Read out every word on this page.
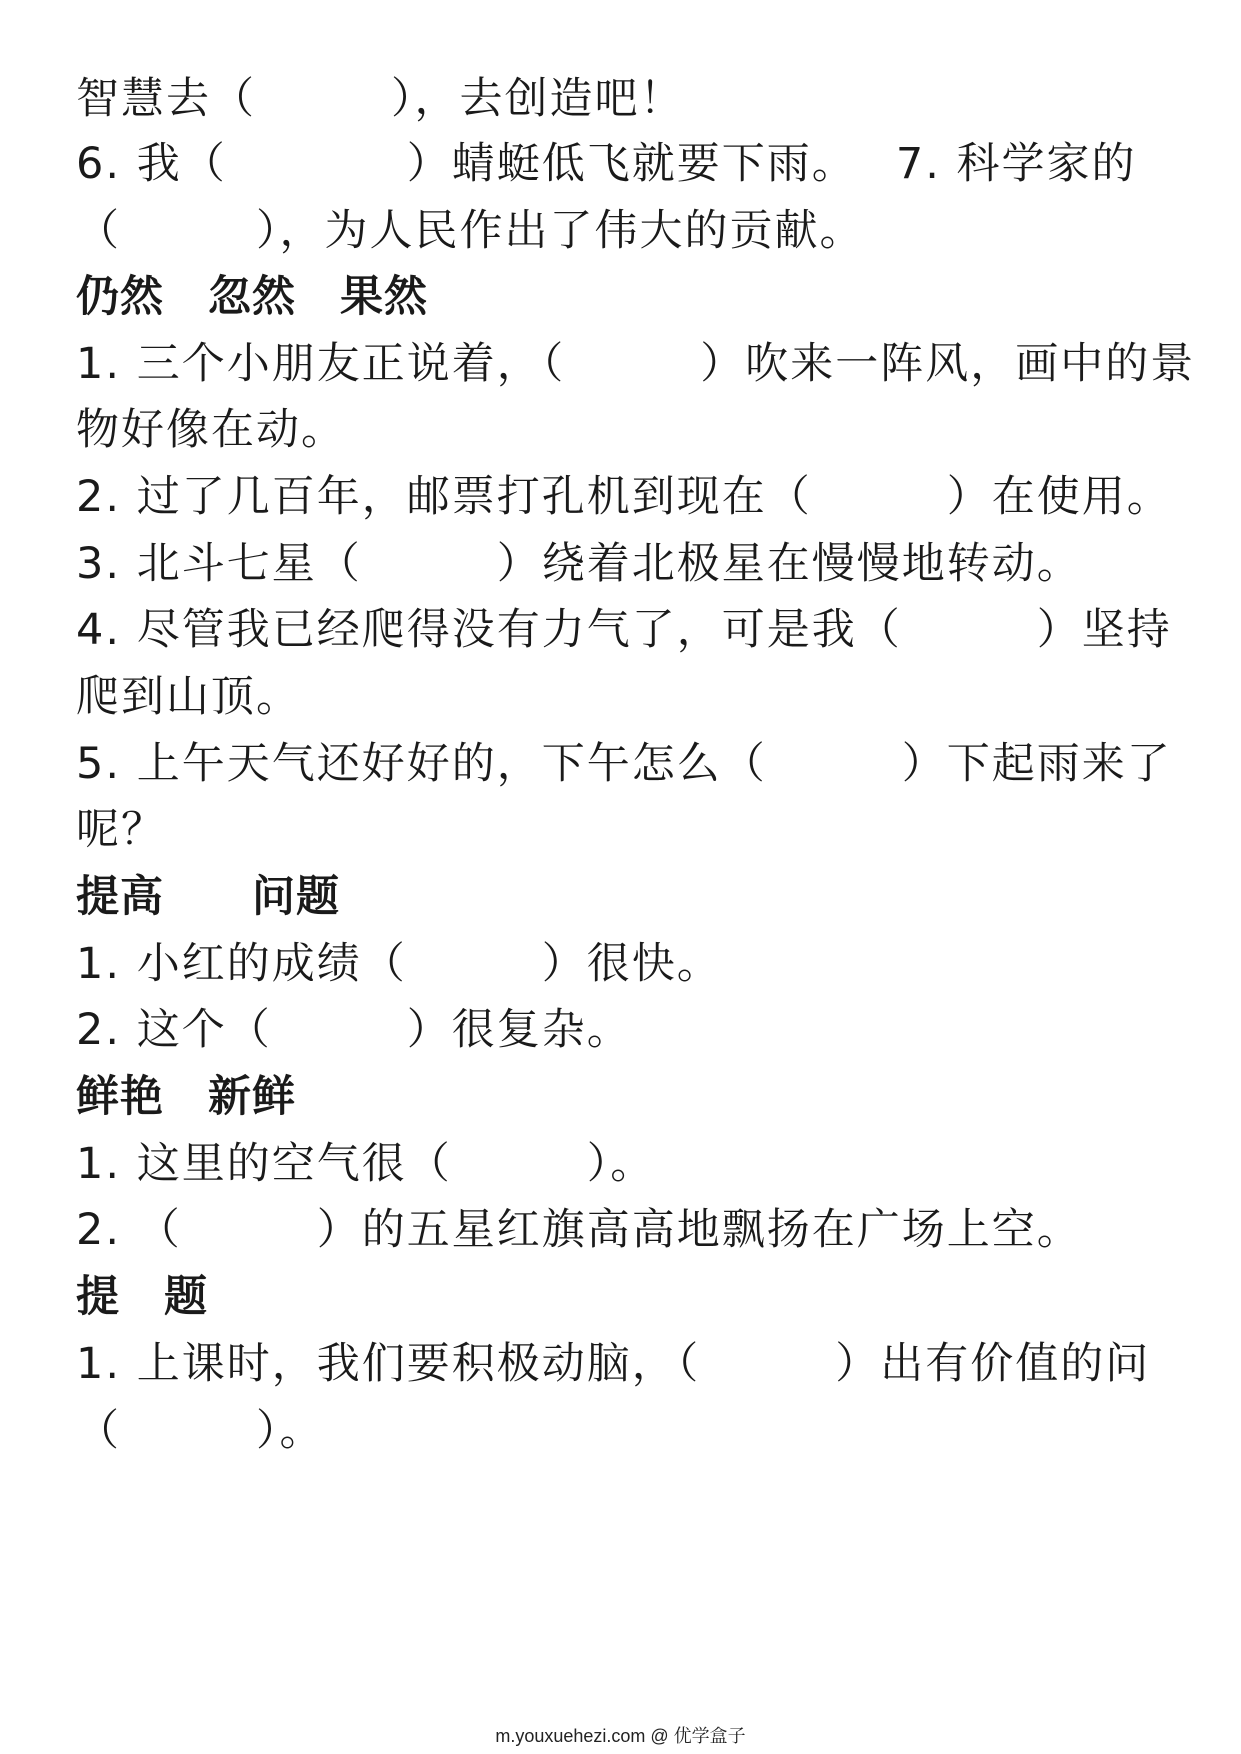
智慧去（　　　），去创造吧！
6. 我（　　　　）蜻蜓低飞就要下雨。　 7. 科学家的
（　　　），为人民作出了伟大的贡献。
仍然　忽然　果然
1. 三个小朋友正说着，（　　　）吹来一阵风，画中的景
物好像在动。
2. 过了几百年，邮票打孔机到现在（　　　）在使用。
3. 北斗七星（　　　）绕着北极星在慢慢地转动。
4. 尽管我已经爬得没有力气了，可是我（　　　）坚持
爬到山顶。
5. 上午天气还好好的，下午怎么（　　　）下起雨来了
呢？
提高　　问题
1. 小红的成绩（　　　）很快。
2. 这个（　　　）很复杂。
鲜艳　新鲜
1. 这里的空气很（　　　）。
2. （　　　）的五星红旗高高地飘扬在广场上空。
提　题
1. 上课时，我们要积极动脑，（　　　）出有价值的问
（　　　）。
m.youxuehezi.com @ 优学盒子
